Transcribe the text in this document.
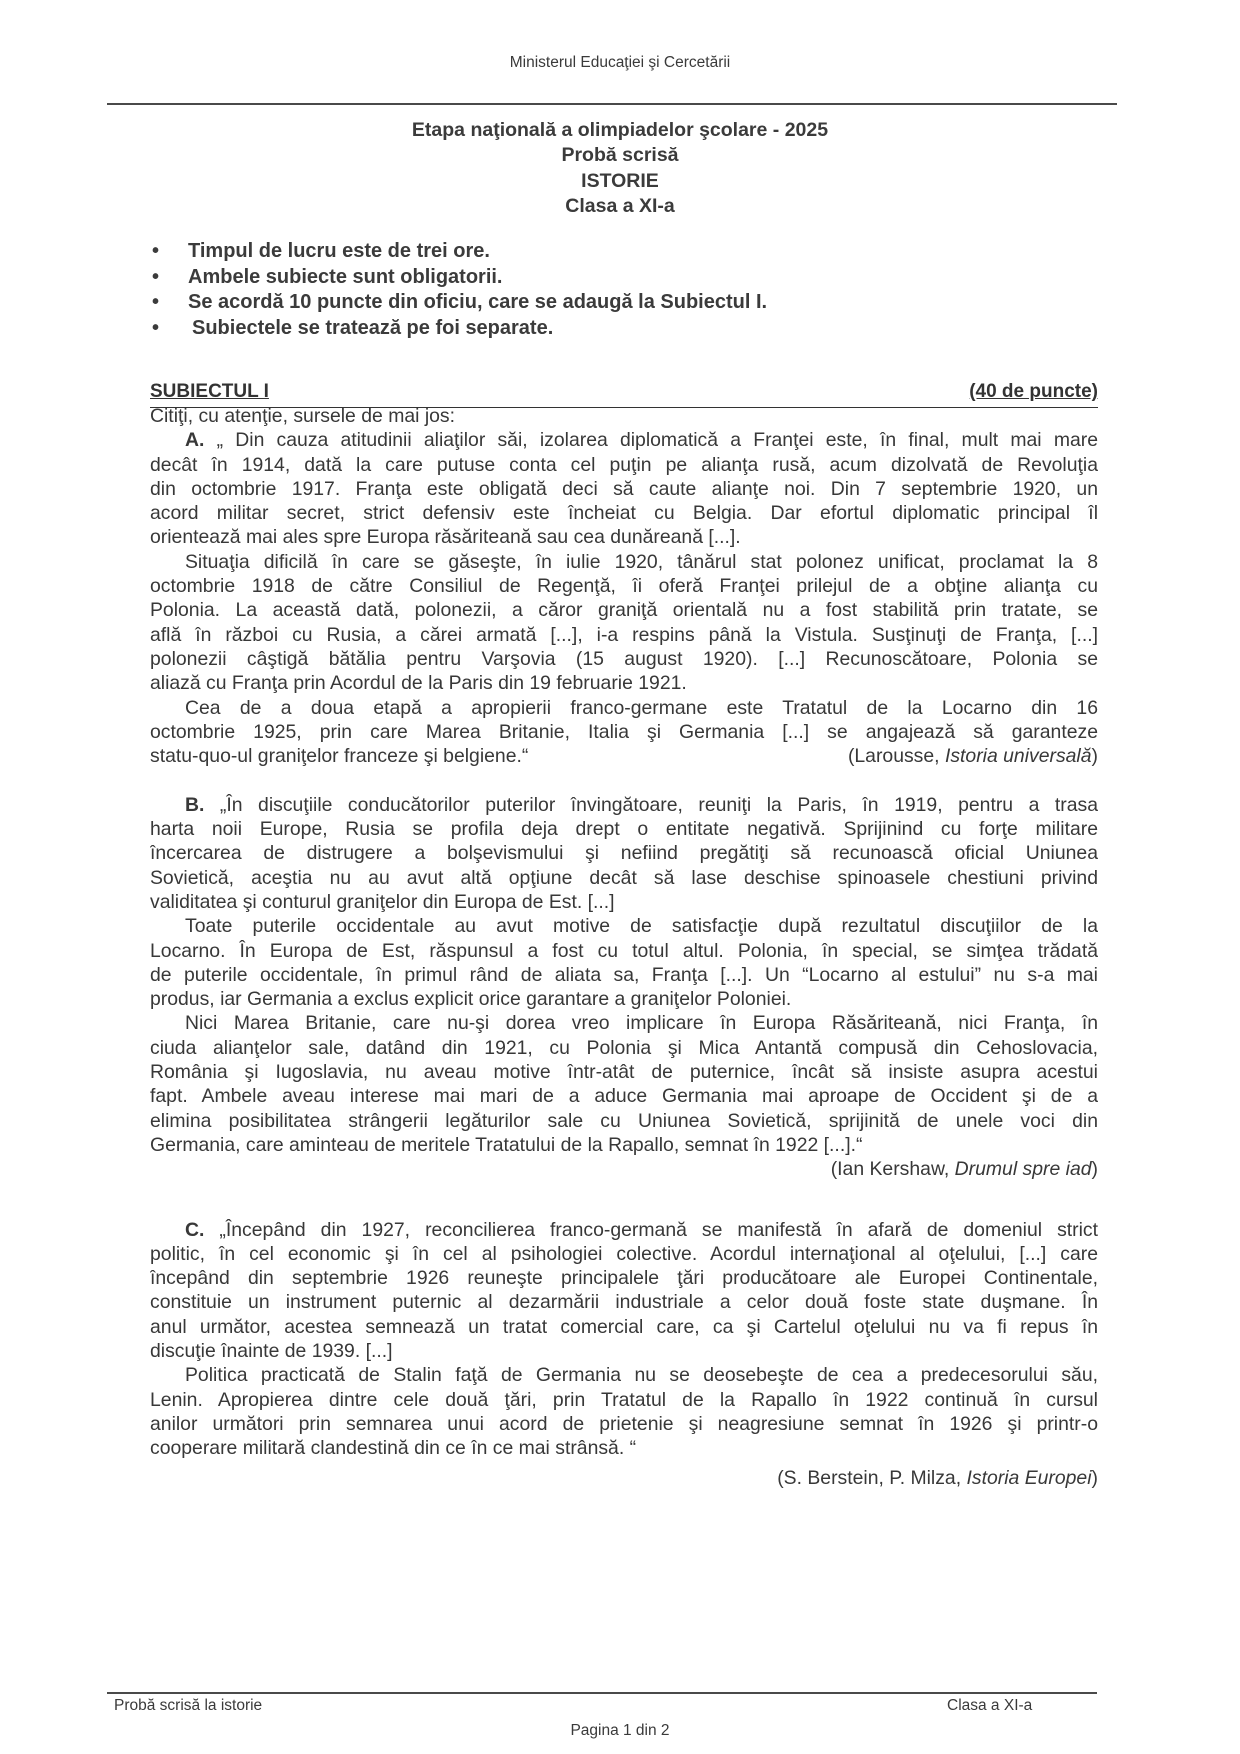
Ministerul Educaţiei şi Cercetării
Etapa naţională a olimpiadelor şcolare - 2025
Probă scrisă
ISTORIE
Clasa a XI-a
• Timpul de lucru este de trei ore.
• Ambele subiecte sunt obligatorii.
• Se acordă 10 puncte din oficiu, care se adaugă la Subiectul I.
• Subiectele se tratează pe foi separate.
SUBIECTUL I	(40 de puncte)
Citiţi, cu atenţie, sursele de mai jos:
A. „ Din cauza atitudinii aliaţilor săi, izolarea diplomatică a Franţei este, în final, mult mai mare
decât în 1914, dată la care putuse conta cel puţin pe alianţa rusă, acum dizolvată de Revoluţia
din octombrie 1917. Franţa este obligată deci să caute alianţe noi. Din 7 septembrie 1920, un
acord militar secret, strict defensiv este încheiat cu Belgia. Dar efortul diplomatic principal îl
orientează mai ales spre Europa răsăriteană sau cea dunăreană [...].
Situaţia dificilă în care se găseşte, în iulie 1920, tânărul stat polonez unificat, proclamat la 8
octombrie 1918 de către Consiliul de Regenţă, îi oferă Franţei prilejul de a obţine alianţa cu
Polonia. La această dată, polonezii, a căror graniţă orientală nu a fost stabilită prin tratate, se
află în război cu Rusia, a cărei armată [...], i-a respins până la Vistula. Susţinuţi de Franţa, [...]
polonezii câştigă bătălia pentru Varşovia (15 august 1920). [...] Recunoscătoare, Polonia se
aliază cu Franţa prin Acordul de la Paris din 19 februarie 1921.
Cea de a doua etapă a apropierii franco-germane este Tratatul de la Locarno din 16
octombrie 1925, prin care Marea Britanie, Italia şi Germania [...] se angajează să garanteze
statu-quo-ul graniţelor franceze şi belgiene.“	(Larousse, Istoria universală)
B. „În discuţiile conducătorilor puterilor învingătoare, reuniţi la Paris, în 1919, pentru a trasa
harta noii Europe, Rusia se profila deja drept o entitate negativă. Sprijinind cu forţe militare
încercarea de distrugere a bolşevismului şi nefiind pregătiţi să recunoască oficial Uniunea
Sovietică, aceştia nu au avut altă opţiune decât să lase deschise spinoasele chestiuni privind
validitatea şi conturul graniţelor din Europa de Est. [...]
Toate puterile occidentale au avut motive de satisfacţie după rezultatul discuţiilor de la
Locarno. În Europa de Est, răspunsul a fost cu totul altul. Polonia, în special, se simţea trădată
de puterile occidentale, în primul rând de aliata sa, Franţa [...]. Un “Locarno al estului” nu s-a mai
produs, iar Germania a exclus explicit orice garantare a graniţelor Poloniei.
Nici Marea Britanie, care nu-şi dorea vreo implicare în Europa Răsăriteană, nici Franţa, în
ciuda alianţelor sale, datând din 1921, cu Polonia şi Mica Antantă compusă din Cehoslovacia,
România şi Iugoslavia, nu aveau motive într-atât de puternice, încât să insiste asupra acestui
fapt. Ambele aveau interese mai mari de a aduce Germania mai aproape de Occident şi de a
elimina posibilitatea strângerii legăturilor sale cu Uniunea Sovietică, sprijinită de unele voci din
Germania, care aminteau de meritele Tratatului de la Rapallo, semnat în 1922 [...].“
(Ian Kershaw, Drumul spre iad)
C. „Începând din 1927, reconcilierea franco-germană se manifestă în afară de domeniul strict
politic, în cel economic şi în cel al psihologiei colective. Acordul internaţional al oţelului, [...] care
începând din septembrie 1926 reuneşte principalele ţări producătoare ale Europei Continentale,
constituie un instrument puternic al dezarmării industriale a celor două foste state duşmane. În
anul următor, acestea semnează un tratat comercial care, ca şi Cartelul oţelului nu va fi repus în
discuţie înainte de 1939. [...]
Politica practicată de Stalin faţă de Germania nu se deosebeşte de cea a predecesorului său,
Lenin. Apropierea dintre cele două ţări, prin Tratatul de la Rapallo în 1922 continuă în cursul
anilor următori prin semnarea unui acord de prietenie şi neagresiune semnat în 1926 şi printr-o
cooperare militară clandestină din ce în ce mai strânsă. “
(S. Berstein, P. Milza, Istoria Europei)
Probă scrisă la istorie	Clasa a XI-a
Pagina 1 din 2
